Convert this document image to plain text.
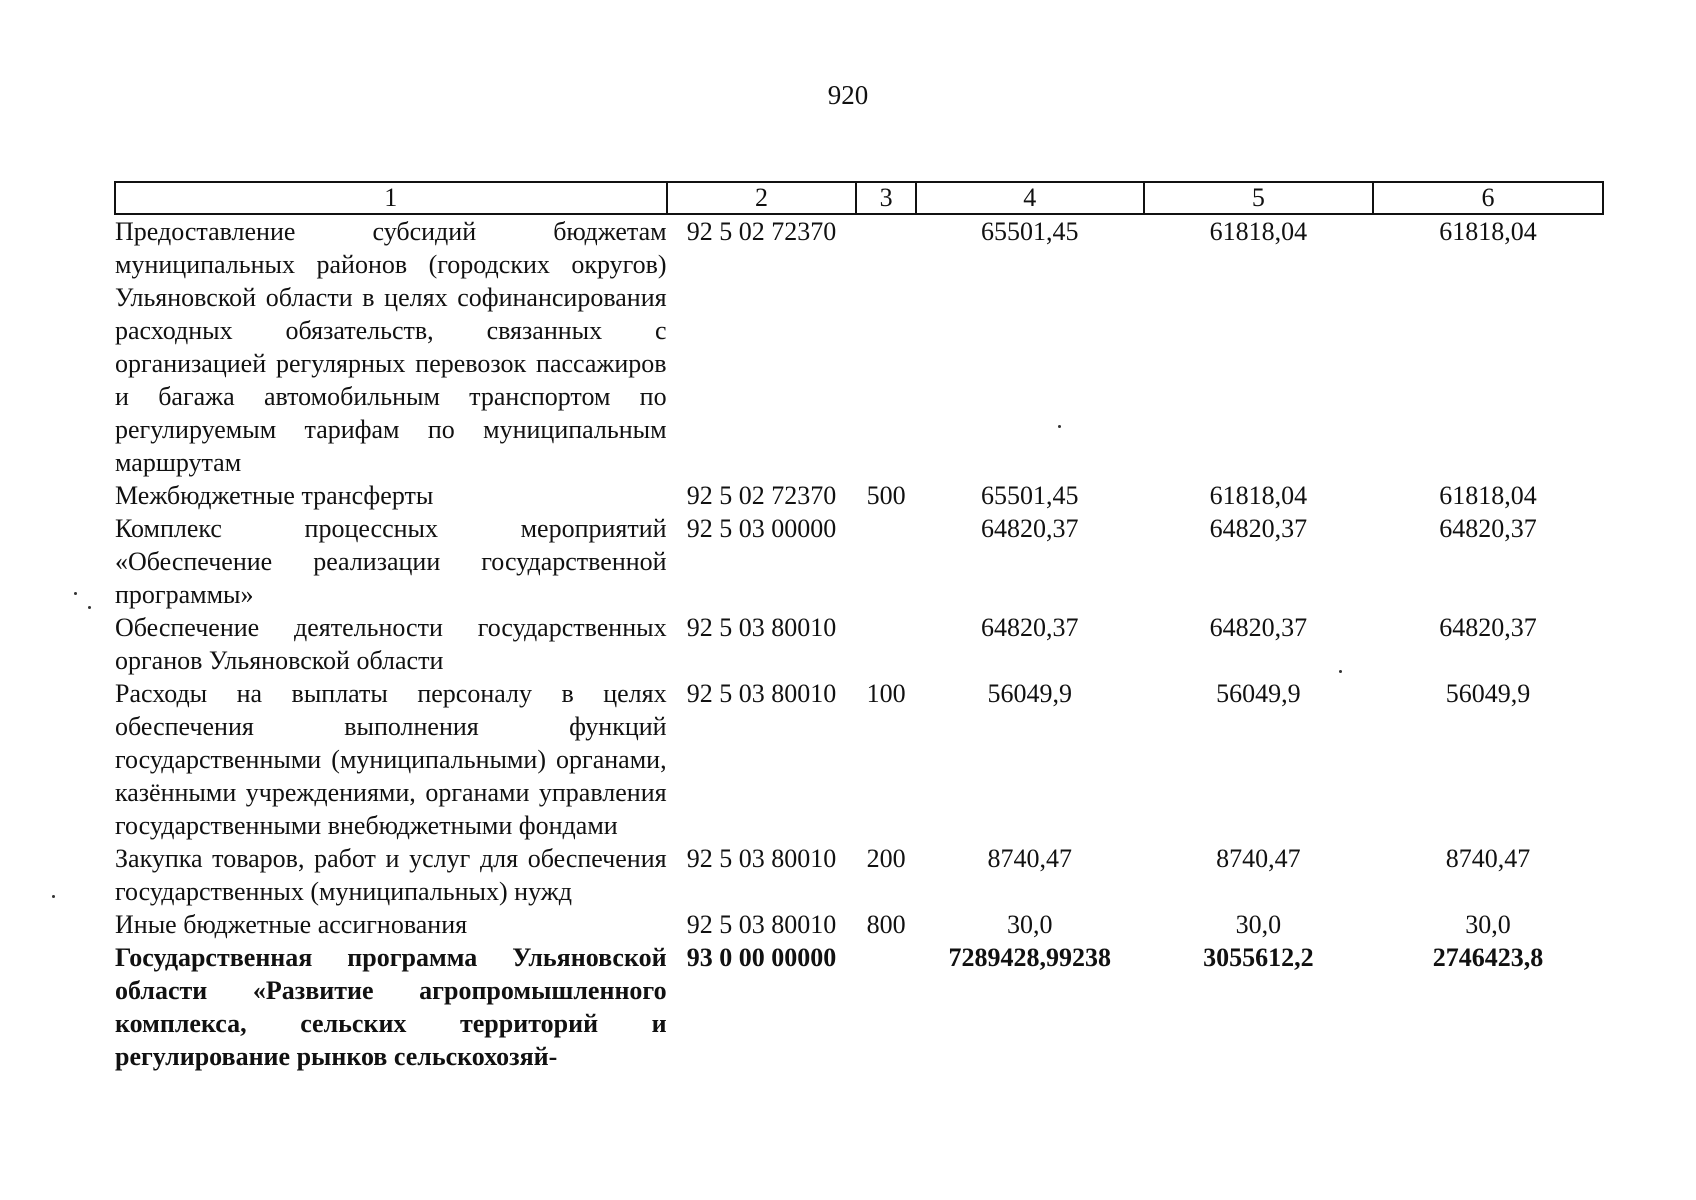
920
1	2	3	4	5	6
Предоставление субсидий бюджетам муниципальных районов (городских округов) Ульяновской области в целях софинансирования расходных обязательств, связанных с организацией регулярных перевозок пассажиров и багажа автомобильным транспортом по регулируемым тарифам по муниципальным маршрутам	92 5 02 72370		65501,45	61818,04	61818,04
Межбюджетные трансферты	92 5 02 72370	500	65501,45	61818,04	61818,04
Комплекс процессных мероприятий «Обеспечение реализации государственной программы»	92 5 03 00000		64820,37	64820,37	64820,37
Обеспечение деятельности государственных органов Ульяновской области	92 5 03 80010		64820,37	64820,37	64820,37
Расходы на выплаты персоналу в целях обеспечения выполнения функций государственными (муниципальными) органами, казёнными учреждениями, органами управления государственными внебюджетными фондами	92 5 03 80010	100	56049,9	56049,9	56049,9
Закупка товаров, работ и услуг для обеспечения государственных (муниципальных) нужд	92 5 03 80010	200	8740,47	8740,47	8740,47
Иные бюджетные ассигнования	92 5 03 80010	800	30,0	30,0	30,0
Государственная программа Ульяновской области «Развитие агропромышленного комплекса, сельских территорий и регулирование рынков сельскохозяй-	93 0 00 00000		7289428,99238	3055612,2	2746423,8
